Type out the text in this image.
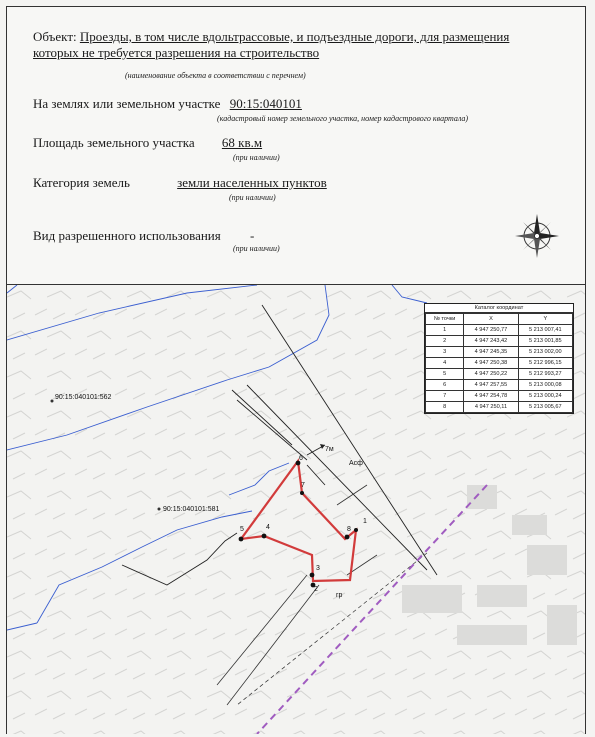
Объект: Проезды, в том числе вдольтрассовые, и подъездные дороги, для размещения
которых не требуется разрешения на строительство
(наименование объекта в соответствии с перечнем)
На землях или земельном участке 90:15:040101
(кадастровый номер земельного участка, номер кадастрового квартала)
Площадь земельного участка 68 кв.м
(при наличии)
Категория земель	земли населенных пунктов
(при наличии)
Вид разрешенного использования -
(при наличии)
90:15:040101:562
90:15:040101:581
7м
Асф
гр
1
2
3
4
5
6
7
8
Каталог координат
№ точки	X	Y
1	4 947 250,77	5 213 007,41
2	4 947 243,42	5 213 001,85
3	4 947 245,35	5 213 002,00
4	4 947 250,38	5 212 996,15
5	4 947 250,22	5 212 993,27
6	4 947 257,55	5 213 000,08
7	4 947 254,78	5 213 000,24
8	4 947 250,11	5 213 005,67
